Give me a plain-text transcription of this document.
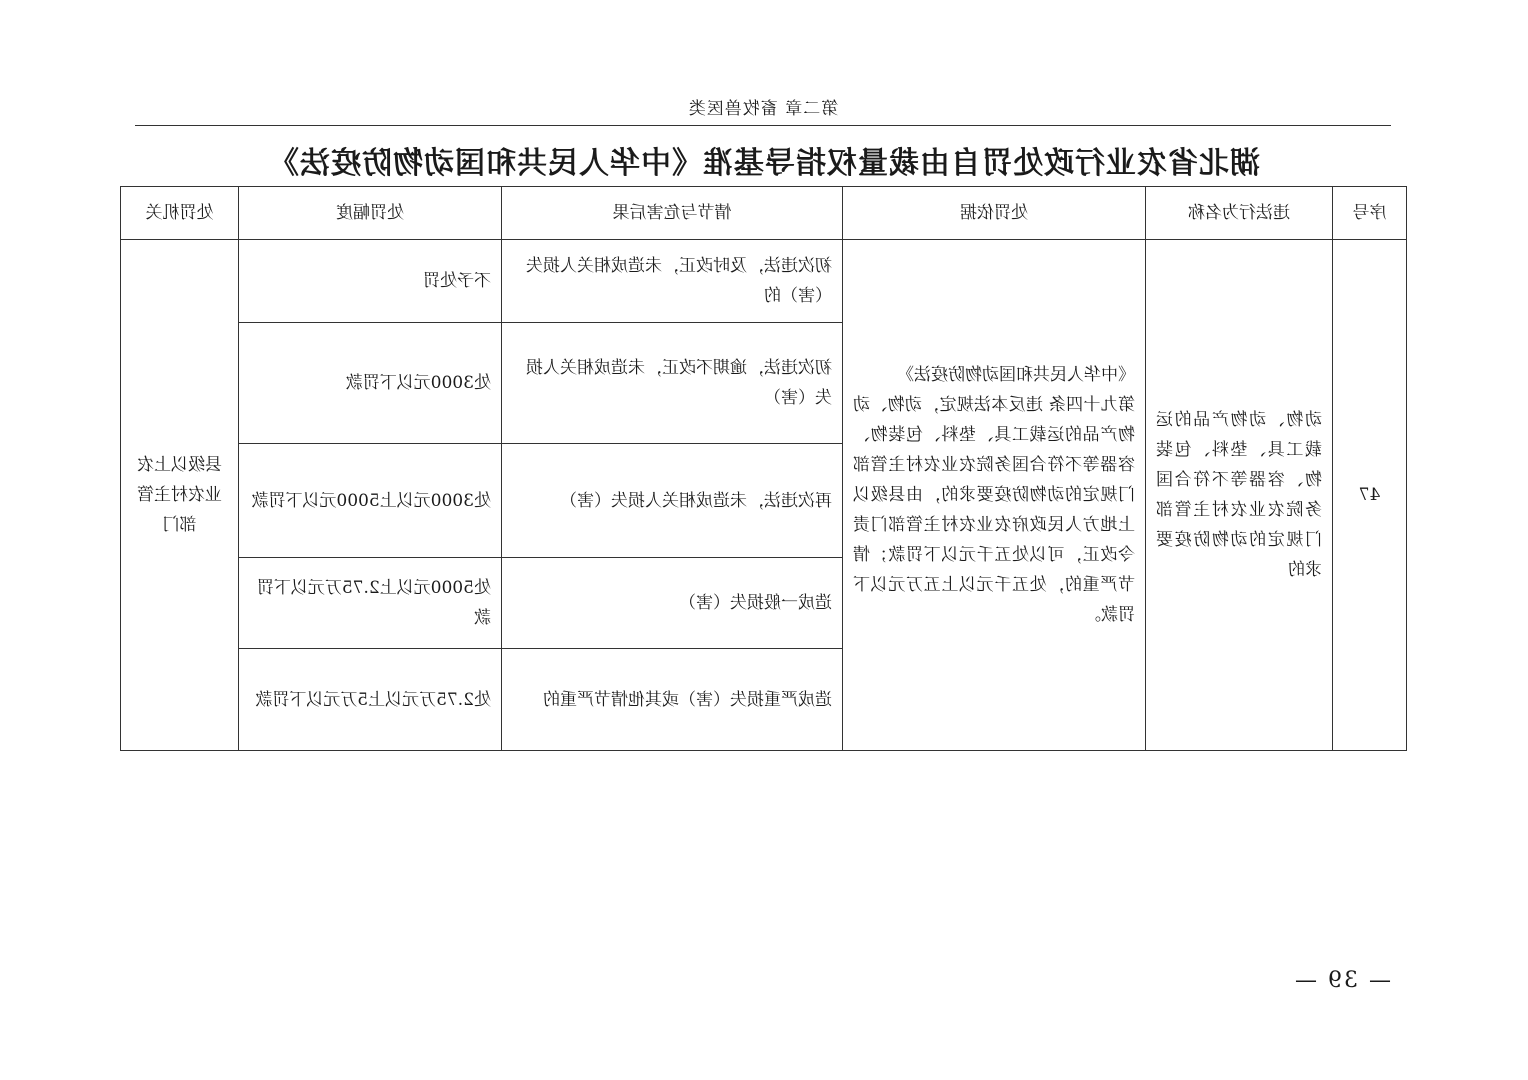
第二章 畜牧兽医类
湖北省农业行政处罚自由裁量权指导基准《中华人民共和国动物防疫法》
序号	违法行为名称	处罚依据	情节与危害后果	处罚幅度	处罚机关
47	动物、动物产品的运载工具、垫料、包装物、容器等不符合国务院农业农村主管部门规定的动物防疫要求的	《中华人民共和国动物防疫法》
第九十四条 违反本法规定，动物、动物产品的运载工具、垫料、包装物、容器等不符合国务院农业农村主管部门规定的动物防疫要求的，由县级以上地方人民政府农业农村主管部门责令改正，可以处五千元以下罚款；情节严重的，处五千元以上五万元以下罚款。	初次违法，及时改正，未造成相关人损失（害）的	不予处罚	县级以上农业农村主管部门
			初次违法，逾期不改正，未造成相关人损失（害）	处3000元以下罚款	
			再次违法，未造成相关人损失（害）	处3000元以上5000元以下罚款	
			造成一般损失（害）	处5000元以上2.75万元以下罚款	
			造成严重损失（害）或其他情节严重的	处2.75万元以上5万元以下罚款	
— 39 —
